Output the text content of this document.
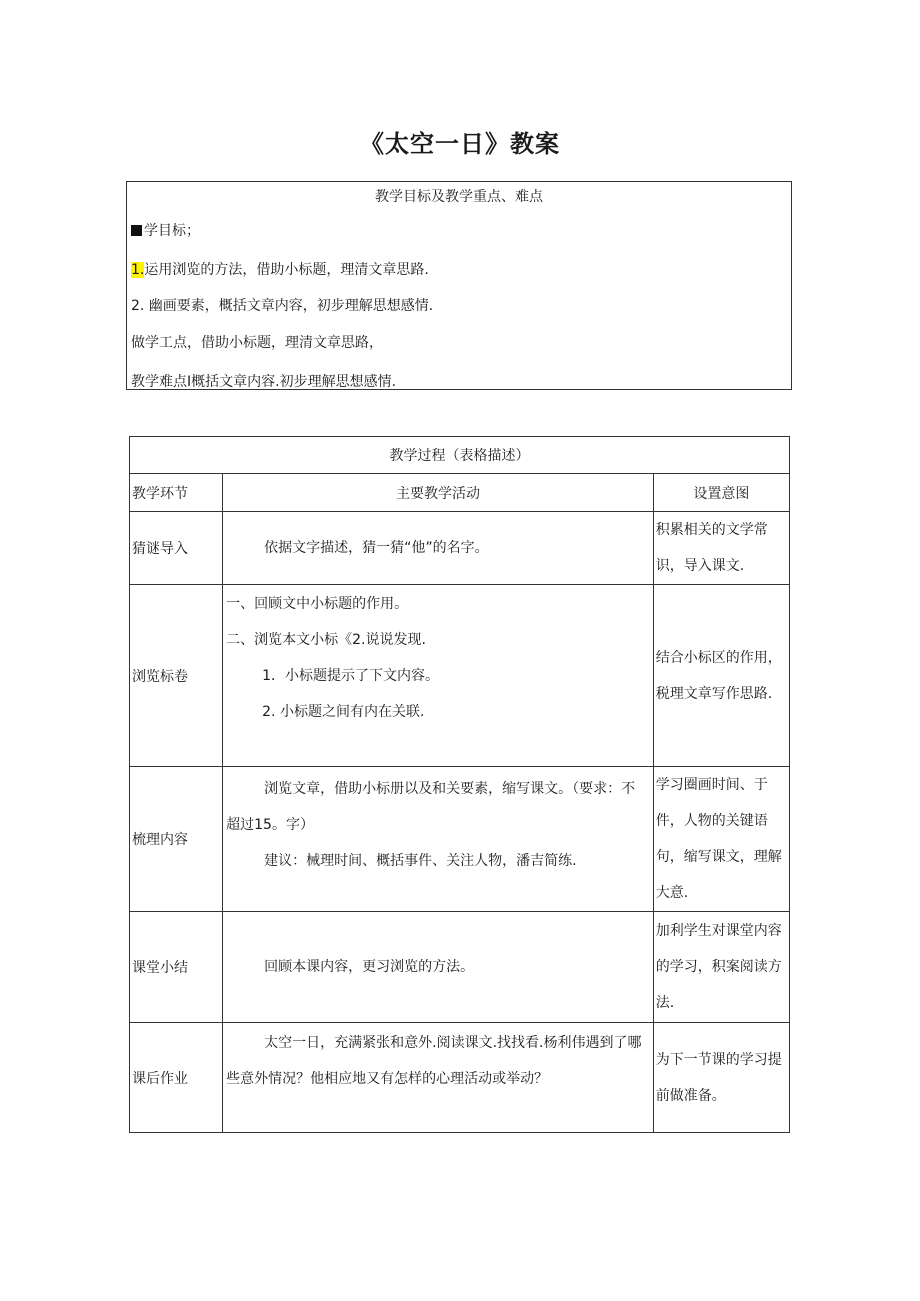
《太空一日》教案
教学目标及教学重点、难点
学目标；
1.运用浏览的方法，借助小标题，理清文章思路.
2. 幽画要素，概括文章内容，初步理解思想感情.
做学工点，借助小标题，理清文章思路，
教学难点I概括文章内容.初步理解思想感情.
教学过程（表格描述）		
教学环节	主要教学活动	设置意图
猜谜导入	依据文字描述，猜一猜“他”的名字。	积累相关的文学常识，导入课文.
浏览标卷	一、回顾文中小标题的作用。
二、浏览本文小标《2.说说发现.
1．小标题提示了下文内容。
2. 小标题之间有内在关联.	结合小标区的作用，税理文章写作思路.
梳理内容	浏览文章，借助小标册以及和关要素，缩写课文。（要求：不超过15。字）
建议：械理时间、概括事件、关注人物，潘吉简练.	学习圈画时间、于件，人物的关键语句，缩写课文，理解大意.
课堂小结	回顾本课内容，更习浏览的方法。	加利学生对课堂内容的学习，积案阅读方法.
课后作业	太空一日，充满紧张和意外.阅读课文.找找看.杨利伟遇到了哪些意外情况？他相应地又有怎样的心理活动或举动？	为下一节课的学习提前做准备。
